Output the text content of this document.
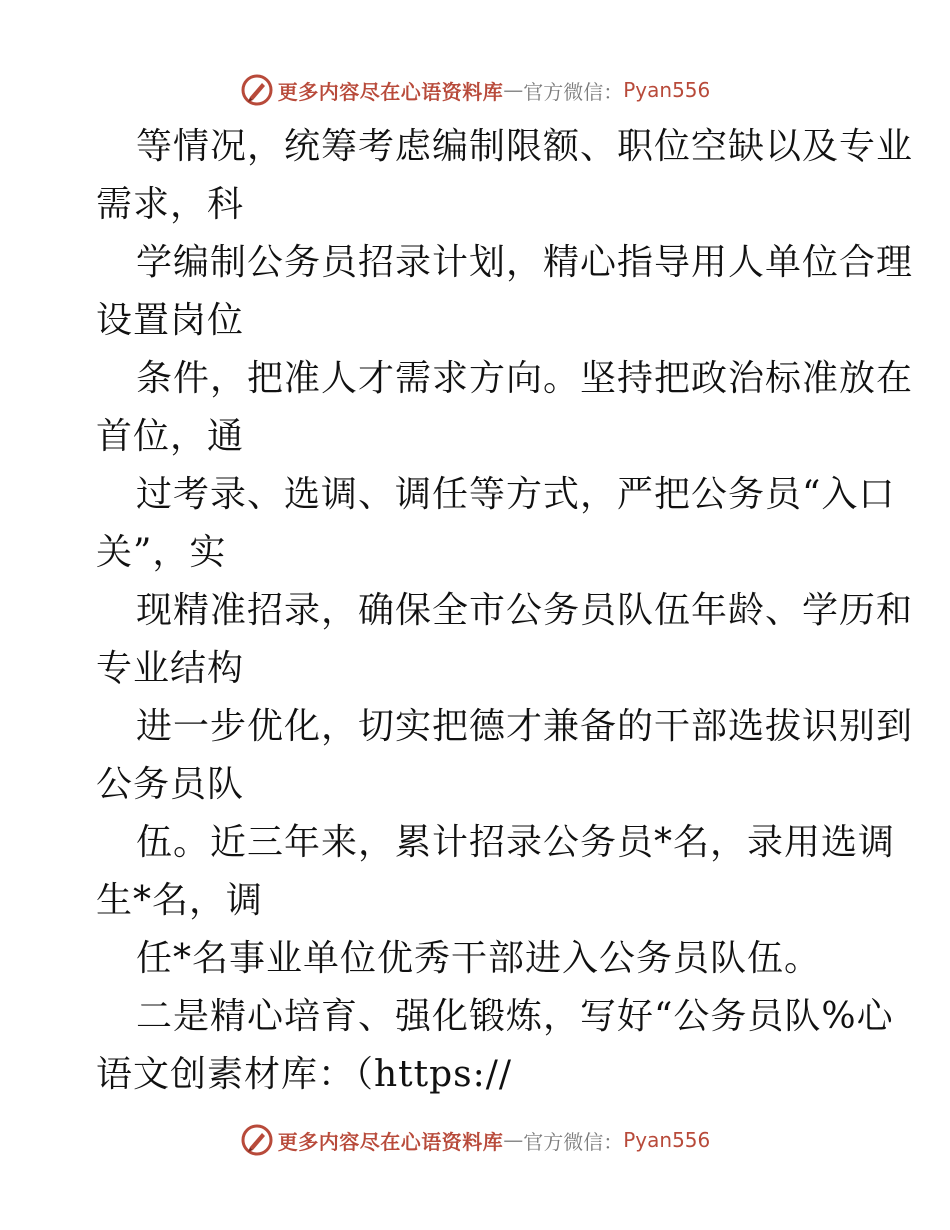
更多内容尽在心语资料库 — 官方微信： Pyan556
等情况，统筹考虑编制限额、职位空缺以及专业
需求，科
学编制公务员招录计划，精心指导用人单位合理
设置岗位
条件，把准人才需求方向。坚持把政治标准放在
首位，通
过考录、选调、调任等方式，严把公务员“入口
关”，实
现精准招录，确保全市公务员队伍年龄、学历和
专业结构
进一步优化，切实把德才兼备的干部选拔识别到
公务员队
伍。近三年来，累计招录公务员*名，录用选调
生*名，调
任*名事业单位优秀干部进入公务员队伍。
二是精心培育、强化锻炼，写好“公务员队%心
语文创素材库：（https://
更多内容尽在心语资料库 — 官方微信： Pyan556
